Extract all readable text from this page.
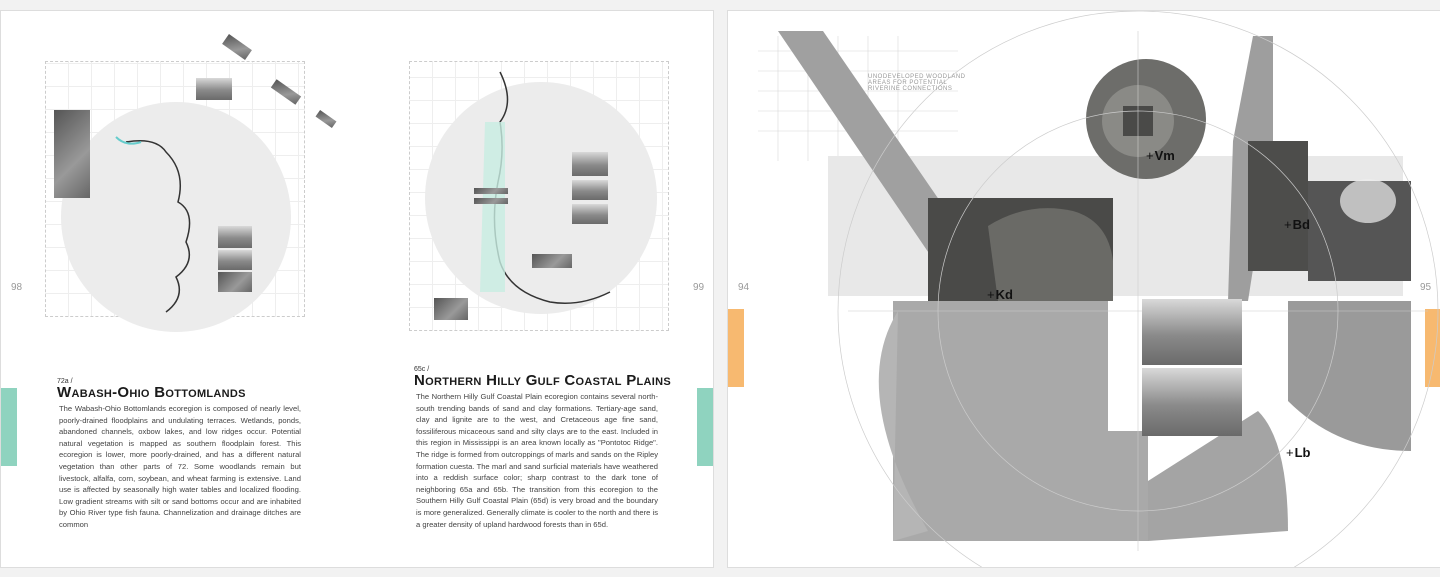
98	99
72a /
Wabash-Ohio Bottomlands
The Wabash-Ohio Bottomlands ecoregion is composed of nearly level, poorly-drained floodplains and undulating terraces. Wetlands, ponds, abandoned channels, oxbow lakes, and low ridges occur. Potential natural vegetation is mapped as southern floodplain forest. This ecoregion is lower, more poorly-drained, and has a different natural vegetation than other parts of 72. Some woodlands remain but livestock, alfalfa, corn, soybean, and wheat farming is extensive. Land use is affected by seasonally high water tables and localized flooding. Low gradient streams with silt or sand bottoms occur and are inhabited by Ohio River type fish fauna. Channelization and drainage ditches are common
65c /
Northern Hilly Gulf Coastal Plains
The Northern Hilly Gulf Coastal Plain ecoregion contains several north-south trending bands of sand and clay formations. Tertiary-age sand, clay and lignite are to the west, and Cretaceous age fine sand, fossiliferous micaceous sand and silty clays are to the east. Included in this region in Mississippi is an area known locally as "Pontotoc Ridge". The ridge is formed from outcroppings of marls and sands on the Ripley formation cuesta. The marl and sand surficial materials have weathered into a reddish surface color; sharp contrast to the dark tone of neighboring 65a and 65b. The transition from this ecoregion to the Southern Hilly Gulf Coastal Plain (65d) is very broad and the boundary is more generalized. Generally climate is cooler to the north and there is a greater density of upland hardwood forests than in 65d.
94	95
UNODEVELOPED WOODLAND AREAS FOR POTENTIAL RIVERINE CONNECTIONS
+Vm
+Bd
+Kd
+Lb
